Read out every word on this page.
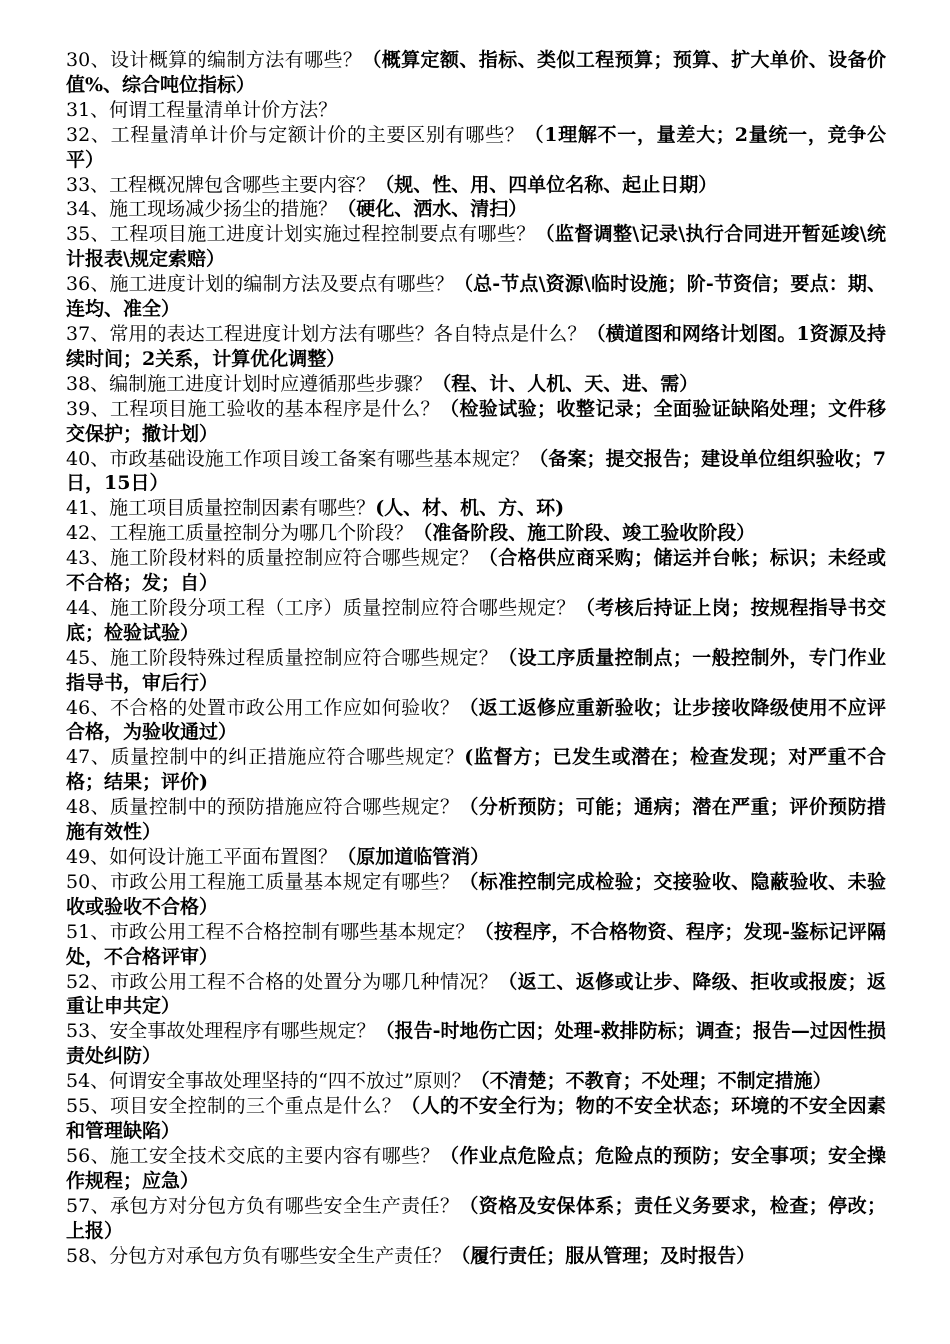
30、设计概算的编制方法有哪些？（概算定额、指标、类似工程预算；预算、扩大单价、设备价值%、综合吨位指标）

31、何谓工程量清单计价方法？

32、工程量清单计价与定额计价的主要区别有哪些？（1理解不一，量差大；2量统一，竞争公平）

33、工程概况牌包含哪些主要内容？（规、性、用、四单位名称、起止日期）

34、施工现场减少扬尘的措施？（硬化、洒水、清扫）

35、工程项目施工进度计划实施过程控制要点有哪些？（监督调整\记录\执行合同进开暂延竣\统计报表\规定索赔）

36、施工进度计划的编制方法及要点有哪些？（总-节点\资源\临时设施；阶-节资信；要点：期、连均、准全）

37、常用的表达工程进度计划方法有哪些？各自特点是什么？（横道图和网络计划图。1资源及持续时间；2关系，计算优化调整）

38、编制施工进度计划时应遵循那些步骤？（程、计、人机、天、进、需）

39、工程项目施工验收的基本程序是什么？（检验试验；收整记录；全面验证缺陷处理；文件移交保护；撤计划）

40、市政基础设施工作项目竣工备案有哪些基本规定？（备案；提交报告；建设单位组织验收；7日，15日）

41、施工项目质量控制因素有哪些？(人、材、机、方、环)

42、工程施工质量控制分为哪几个阶段？（准备阶段、施工阶段、竣工验收阶段）

43、施工阶段材料的质量控制应符合哪些规定？（合格供应商采购；储运并台帐；标识；未经或不合格；发；自）

44、施工阶段分项工程（工序）质量控制应符合哪些规定？（考核后持证上岗；按规程指导书交底；检验试验）

45、施工阶段特殊过程质量控制应符合哪些规定？（设工序质量控制点；一般控制外，专门作业指导书，审后行）

46、不合格的处置市政公用工作应如何验收？（返工返修应重新验收；让步接收降级使用不应评合格，为验收通过）

47、质量控制中的纠正措施应符合哪些规定？(监督方；已发生或潜在；检查发现；对严重不合格；结果；评价)

48、质量控制中的预防措施应符合哪些规定？（分析预防；可能；通病；潜在严重；评价预防措施有效性）

49、如何设计施工平面布置图？（原加道临管消）

50、市政公用工程施工质量基本规定有哪些？（标准控制完成检验；交接验收、隐蔽验收、未验收或验收不合格）

51、市政公用工程不合格控制有哪些基本规定？（按程序，不合格物资、程序；发现-鉴标记评隔处，不合格评审）

52、市政公用工程不合格的处置分为哪几种情况？（返工、返修或让步、降级、拒收或报废；返重让申共定）

53、安全事故处理程序有哪些规定？（报告-时地伤亡因；处理-救排防标；调查；报告—过因性损责处纠防）

54、何谓安全事故处理坚持的“四不放过”原则？（不清楚；不教育；不处理；不制定措施）

55、项目安全控制的三个重点是什么？（人的不安全行为；物的不安全状态；环境的不安全因素和管理缺陷）

56、施工安全技术交底的主要内容有哪些？（作业点危险点；危险点的预防；安全事项；安全操作规程；应急）

57、承包方对分包方负有哪些安全生产责任？（资格及安保体系；责任义务要求，检查；停改；上报）

58、分包方对承包方负有哪些安全生产责任？（履行责任；服从管理；及时报告）
